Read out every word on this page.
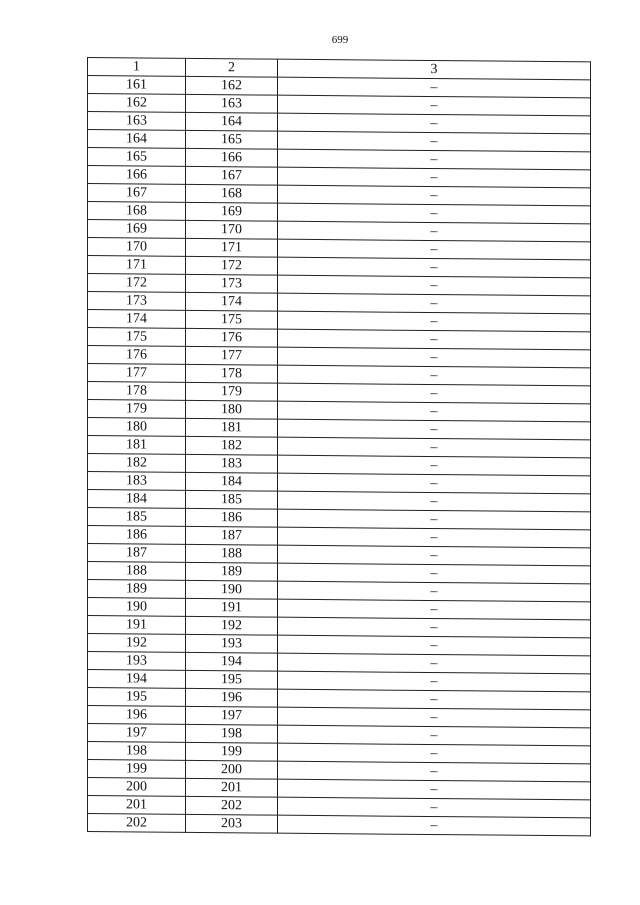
699
1	2	3
161	162	–
162	163	–
163	164	–
164	165	–
165	166	–
166	167	–
167	168	–
168	169	–
169	170	–
170	171	–
171	172	–
172	173	–
173	174	–
174	175	–
175	176	–
176	177	–
177	178	–
178	179	–
179	180	–
180	181	–
181	182	–
182	183	–
183	184	–
184	185	–
185	186	–
186	187	–
187	188	–
188	189	–
189	190	–
190	191	–
191	192	–
192	193	–
193	194	–
194	195	–
195	196	–
196	197	–
197	198	–
198	199	–
199	200	–
200	201	–
201	202	–
202	203	–
